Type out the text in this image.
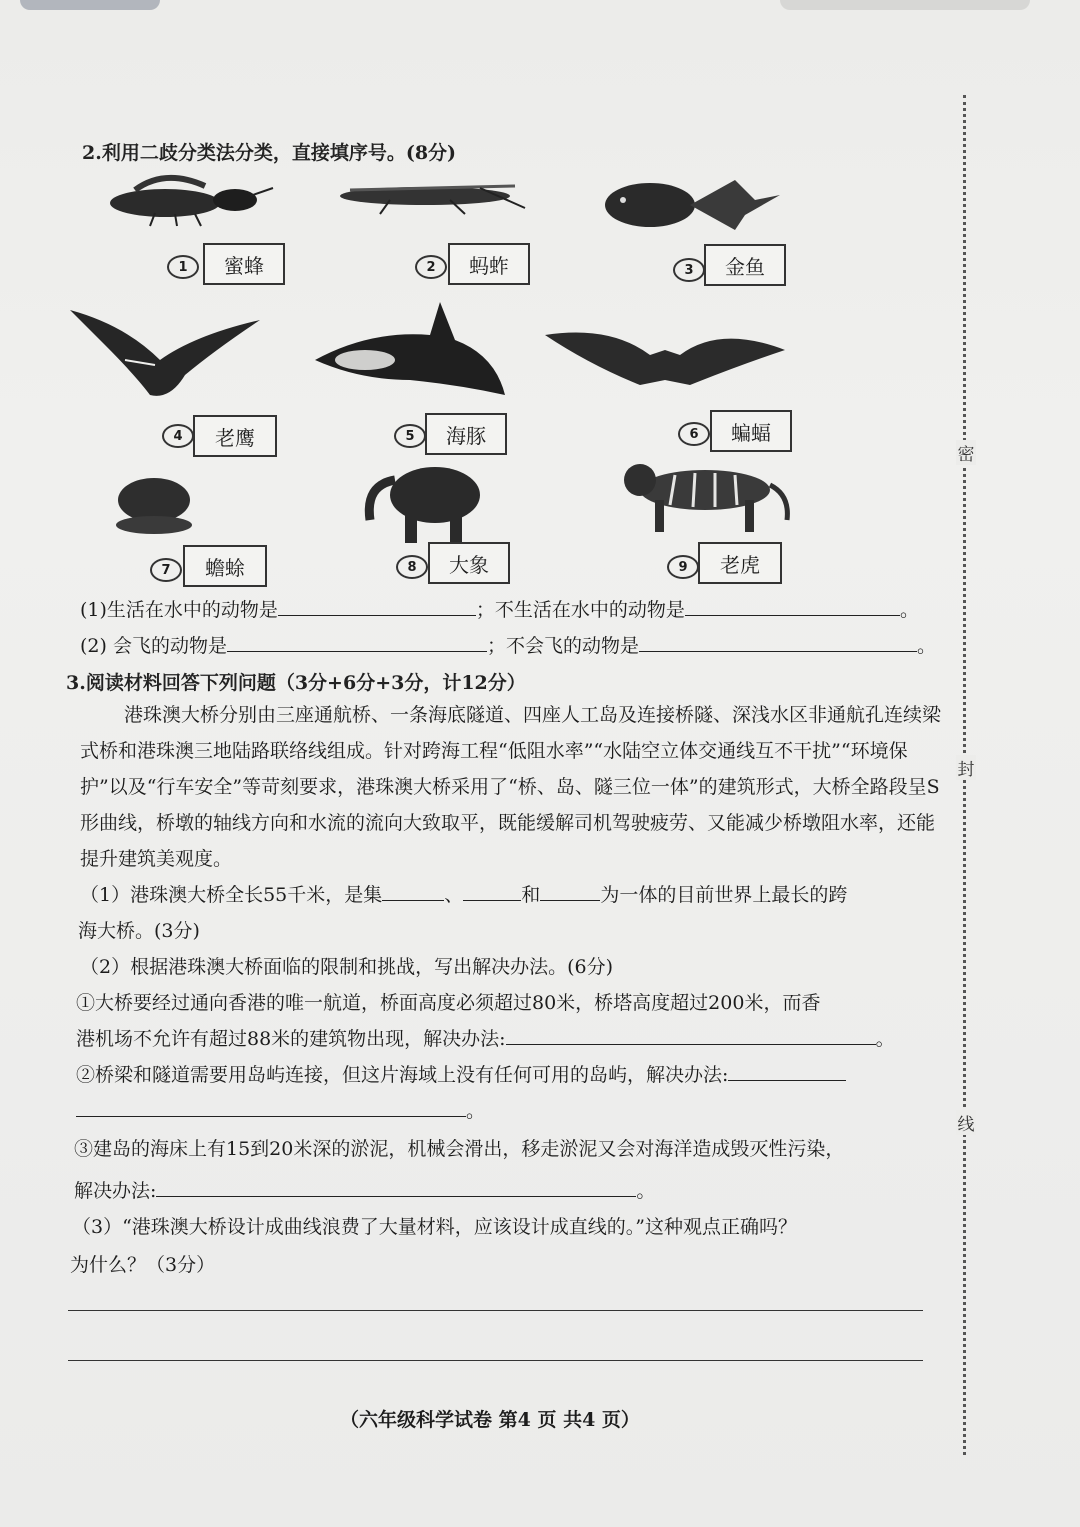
密
封
线
2.利用二歧分类法分类，直接填序号。(8分)
1	蜜蜂	2	蚂蚱	3	金鱼
4	老鹰	5	海豚	6	蝙蝠
7	蟾蜍	8	大象	9	老虎
(1)生活在水中的动物是	；不生活在水中的动物是	。
(2) 会飞的动物是	；不会飞的动物是	。
3.阅读材料回答下列问题（3分+6分+3分，计12分）
港珠澳大桥分别由三座通航桥、一条海底隧道、四座人工岛及连接桥隧、深浅水区非通航孔连续梁式桥和港珠澳三地陆路联络线组成。针对跨海工程“低阻水率”“水陆空立体交通线互不干扰”“环境保护”以及“行车安全”等苛刻要求，港珠澳大桥采用了“桥、岛、隧三位一体”的建筑形式，大桥全路段呈S形曲线，桥墩的轴线方向和水流的流向大致取平，既能缓解司机驾驶疲劳、又能减少桥墩阻水率，还能提升建筑美观度。
（1）港珠澳大桥全长55千米，是集	、	和	为一体的目前世界上最长的跨
海大桥。(3分)
（2）根据港珠澳大桥面临的限制和挑战，写出解决办法。(6分)
①大桥要经过通向香港的唯一航道，桥面高度必须超过80米，桥塔高度超过200米，而香
港机场不允许有超过88米的建筑物出现，解决办法:	。
②桥梁和隧道需要用岛屿连接，但这片海域上没有任何可用的岛屿，解决办法:
。
③建岛的海床上有15到20米深的淤泥，机械会滑出，移走淤泥又会对海洋造成毁灭性污染，
解决办法:	。
（3）“港珠澳大桥设计成曲线浪费了大量材料，应该设计成直线的。”这种观点正确吗？
为什么？（3分）
（六年级科学试卷 第4 页 共4 页）
